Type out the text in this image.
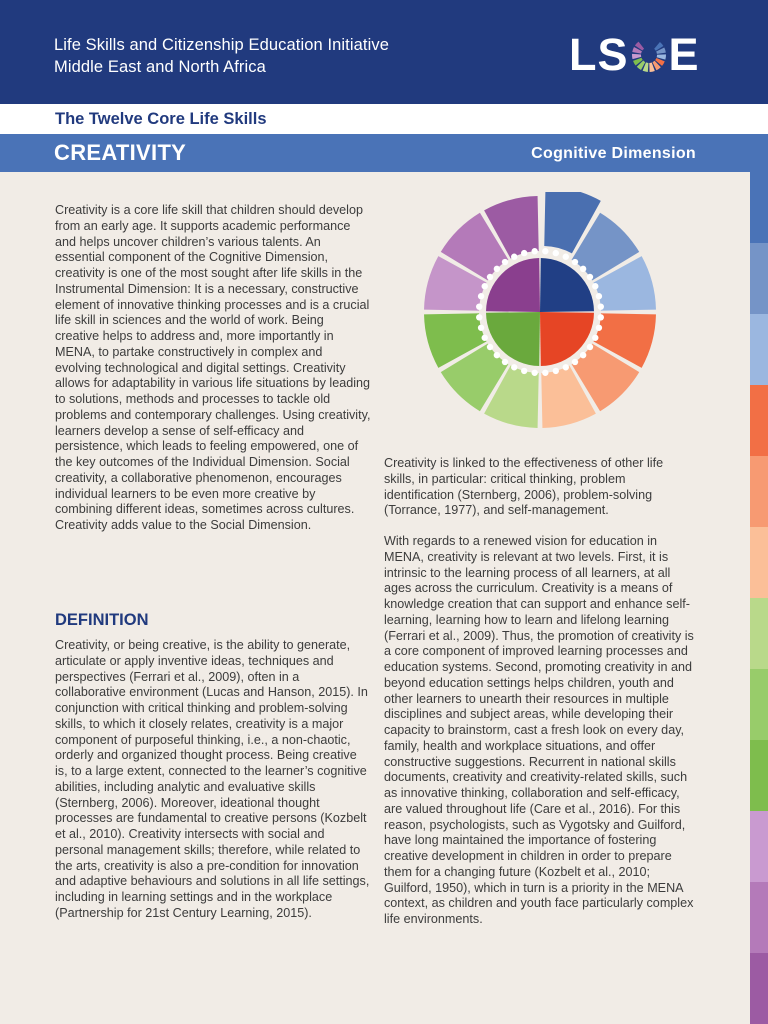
Life Skills and Citizenship Education Initiative
Middle East and North Africa	LS E
The Twelve Core Life Skills
CREATIVITY	Cognitive Dimension

Creativity is a core life skill that children should develop from an early age. It supports academic performance and helps uncover children’s various talents. An essential component of the Cognitive Dimension, creativity is one of the most sought after life skills in the Instrumental Dimension: It is a necessary, constructive element of innovative thinking processes and is a crucial life skill in sciences and the world of work. Being creative helps to address and, more importantly in MENA, to partake constructively in complex and evolving technological and digital settings. Creativity allows for adaptability in various life situations by leading to solutions, methods and processes to tackle old problems and contemporary challenges. Using creativity, learners develop a sense of self-efficacy and persistence, which leads to feeling empowered, one of the key outcomes of the Individual Dimension. Social creativity, a collaborative phenomenon, encourages individual learners to be even more creative by combining different ideas, sometimes across cultures. Creativity adds value to the Social Dimension.

DEFINITION

Creativity, or being creative, is the ability to generate, articulate or apply inventive ideas, techniques and perspectives (Ferrari et al., 2009), often in a collaborative environment (Lucas and Hanson, 2015). In conjunction with critical thinking and problem-solving skills, to which it closely relates, creativity is a major component of purposeful thinking, i.e., a non-chaotic, orderly and organized thought process. Being creative is, to a large extent, connected to the learner’s cognitive abilities, including analytic and evaluative skills (Sternberg, 2006). Moreover, ideational thought processes are fundamental to creative persons (Kozbelt et al., 2010). Creativity intersects with social and personal management skills; therefore, while related to the arts, creativity is also a pre-condition for innovation and adaptive behaviours and solutions in all life settings, including in learning settings and in the workplace (Partnership for 21st Century Learning, 2015).

Creativity is linked to the effectiveness of other life skills, in particular: critical thinking, problem identification (Sternberg, 2006), problem-solving (Torrance, 1977), and self-management.

With regards to a renewed vision for education in MENA, creativity is relevant at two levels. First, it is intrinsic to the learning process of all learners, at all ages across the curriculum. Creativity is a means of knowledge creation that can support and enhance self-learning, learning how to learn and lifelong learning (Ferrari et al., 2009). Thus, the promotion of creativity is a core component of improved learning processes and education systems. Second, promoting creativity in and beyond education settings helps children, youth and other learners to unearth their resources in multiple disciplines and subject areas, while developing their capacity to brainstorm, cast a fresh look on every day, family, health and workplace situations, and offer constructive suggestions. Recurrent in national skills documents, creativity and creativity-related skills, such as innovative thinking, collaboration and self-efficacy, are valued throughout life (Care et al., 2016). For this reason, psychologists, such as Vygotsky and Guilford, have long maintained the importance of fostering creative development in children in order to prepare them for a changing future (Kozbelt et al., 2010; Guilford, 1950), which in turn is a priority in the MENA context, as children and youth face particularly complex life environments.
